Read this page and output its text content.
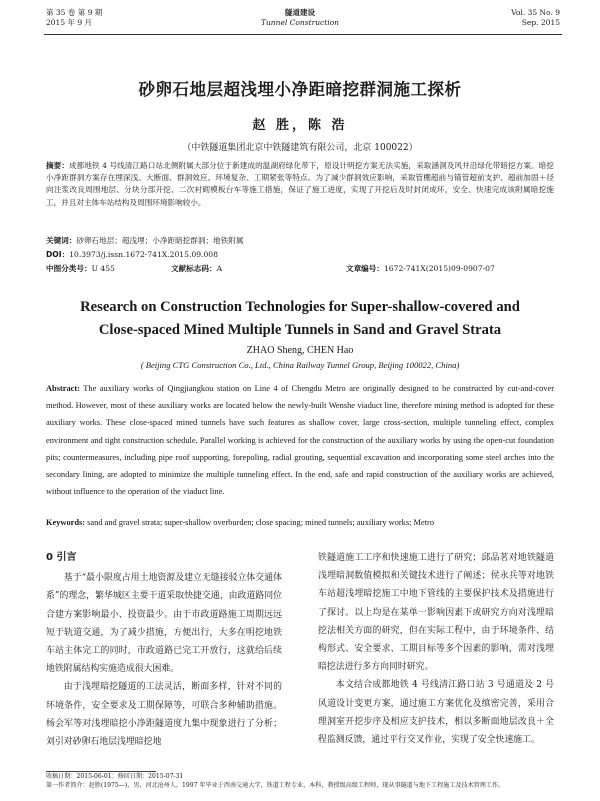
第 35 卷 第 9 期
2015 年 9 月
隧道建设
Tunnel Construction
Vol. 35 No. 9
Sep. 2015
砂卵石地层超浅埋小净距暗挖群洞施工探析
赵 胜，陈 浩
（中铁隧道集团北京中铁隧建筑有限公司，北京 100022）
摘要：成都地铁 4 号线清江路口站北侧附属大部分位于新建成的温湖府绿化带下，原设计明挖方案无法实施，采取涵洞及风井沿绿化带暗挖方案。暗挖小净距群洞方案存在埋深浅、大断面、群洞效应、环境复杂、工期紧张等特点。为了减少群洞效应影响，采取管棚超前与锚管超前支护、超前加固＋径向注浆改良周围地层、分块分部开挖、二次衬砌模板台车等施工措施，保证了施工进度，实现了开挖后及时封闭成环，安全、快速完成该附属暗挖施工，并且对主体车站结构及周围环境影响较小。
关键词：砂卵石地层；超浅埋；小净距暗挖群洞；地铁附属
DOI：10.3973/j.issn.1672-741X.2015.09.008
中图分类号：U 455	文献标志码：A	文章编号：1672-741X(2015)09-0907-07
Research on Construction Technologies for Super-shallow-covered and
Close-spaced Mined Multiple Tunnels in Sand and Gravel Strata
ZHAO Sheng, CHEN Hao
( Beijing CTG Construction Co., Ltd., China Railway Tunnel Group, Beijing 100022, China)
Abstract: The auxiliary works of Qingjiangkou station on Line 4 of Chengdu Metro are originally designed to be constructed by cut-and-cover method. However, most of these auxiliary works are located below the newly-built Wenshe viaduct line, therefore mining method is adopted for these auxiliary works. These close-spaced mined tunnels have such features as shallow cover, large cross-section, multiple tunneling effect, complex environment and tight construction schedule. Parallel working is achieved for the construction of the auxiliary works by using the open-cut foundation pits; countermeasures, including pipe roof supporting, forepoling, radial grouting, sequential excavation and incorporating some steel arches into the secondary lining, are adopted to minimize the multiple tunneling effect. In the end, safe and rapid construction of the auxiliary works are achieved, without influence to the operation of the viaduct line.
Keywords: sand and gravel strata; super-shallow overburden; close spacing; mined tunnels; auxiliary works; Metro
0 引言

基于“最小限度占用土地资源及建立无缝接驳立体交通体系”的理念，繁华城区主要干道采取快捷交通，由政道路同位合建方案影响最小、投资最少。由于市政道路施工周期远远短于轨道交通，为了减少措施，方便出行，大多在明挖地铁车站主体完工的同时，市政道路已完工开放行，这就给后续地铁附属结构实施造成很大困难。

由于浅埋暗挖隧道的工法灵活，断面多样，针对不同的环境条件，安全要求及工期保障等，可联合多种辅助措施。杨会军等对浅埋暗挖小净距隧道度九集中现象进行了分析；刘引对砂卵石地层浅埋暗挖地

铁隧道施工工序和快速施工进行了研究；邱品茗对地铁隧道浅埋暗洞数值模拟和关键技术进行了阐述；侯永兵等对地铁车站超浅埋暗挖施工中地下管线的主要保护技术及措施进行了探讨。以上均是在某单一影响因素下或研究方向对浅埋暗挖法相关方面的研究，但在实际工程中，由于环境条件、结构形式、安全要求、工期目标等多个因素的影响，需对浅埋暗挖法进行多方向同时研究。

本文结合成都地铁 4 号线清江路口站 3 号通道及 2 号风道设计变更方案，通过施工方案优化及缜密完善，采用合理洞室开挖步序及相应支护技术，相以多断面地层改良＋全程监测反馈，通过平行交叉作业，实现了安全快速施工。

收稿日期：2015-06-01；修回日期：2015-07-31
第一作者简介：赵胜(1975—)，男，河北沧州人，1997 年毕业于西南交通大学，铁道工程专业，本科，教授级高级工程师，现从事隧道与地下工程施工及技术管理工作。
